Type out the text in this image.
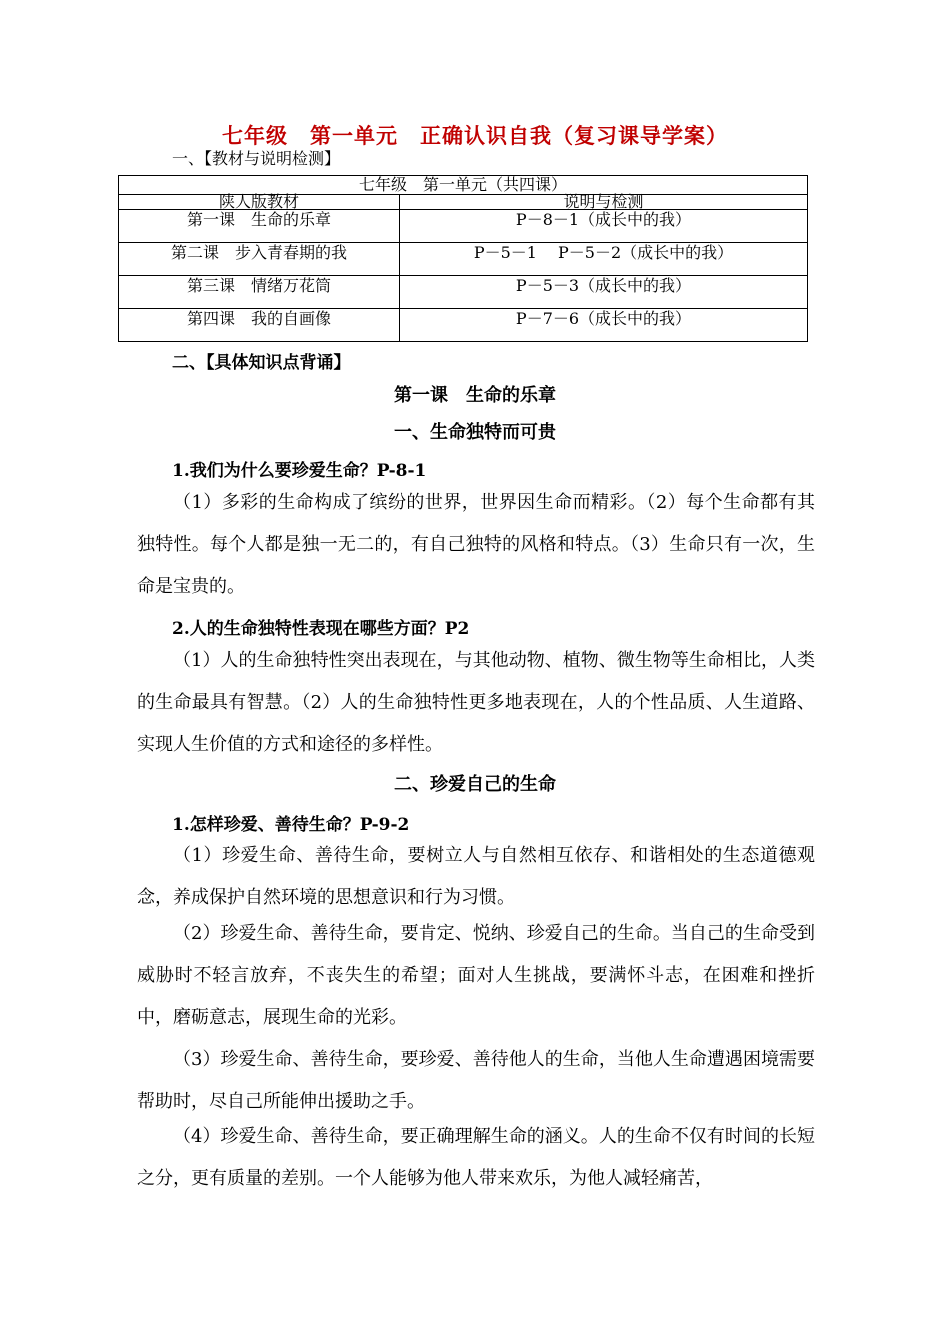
七年级　第一单元　正确认识自我（复习课导学案）
一、【教材与说明检测】
七年级　第一单元（共四课）	
陕人版教材	说明与检测
第一课　生命的乐章	P－8－1（成长中的我）
第二课　步入青春期的我	P－5－1　 P－5－2（成长中的我）
第三课　情绪万花筒	P－5－3（成长中的我）
第四课　我的自画像	P－7－6（成长中的我）
二、【具体知识点背诵】
第一课　生命的乐章
一、生命独特而可贵
1.我们为什么要珍爱生命？P-8-1
（1）多彩的生命构成了缤纷的世界，世界因生命而精彩。（2）每个生命都有其独特性。每个人都是独一无二的，有自己独特的风格和特点。（3）生命只有一次，生命是宝贵的。
2.人的生命独特性表现在哪些方面？P2
（1）人的生命独特性突出表现在，与其他动物、植物、微生物等生命相比，人类的生命最具有智慧。（2）人的生命独特性更多地表现在，人的个性品质、人生道路、实现人生价值的方式和途径的多样性。
二、珍爱自己的生命
1.怎样珍爱、善待生命？P-9-2
（1）珍爱生命、善待生命，要树立人与自然相互依存、和谐相处的生态道德观念，养成保护自然环境的思想意识和行为习惯。
（2）珍爱生命、善待生命，要肯定、悦纳、珍爱自己的生命。当自己的生命受到威胁时不轻言放弃，不丧失生的希望；面对人生挑战，要满怀斗志，在困难和挫折中，磨砺意志，展现生命的光彩。
（3）珍爱生命、善待生命，要珍爱、善待他人的生命，当他人生命遭遇困境需要帮助时，尽自己所能伸出援助之手。
（4）珍爱生命、善待生命，要正确理解生命的涵义。人的生命不仅有时间的长短之分，更有质量的差别。一个人能够为他人带来欢乐，为他人减轻痛苦，
